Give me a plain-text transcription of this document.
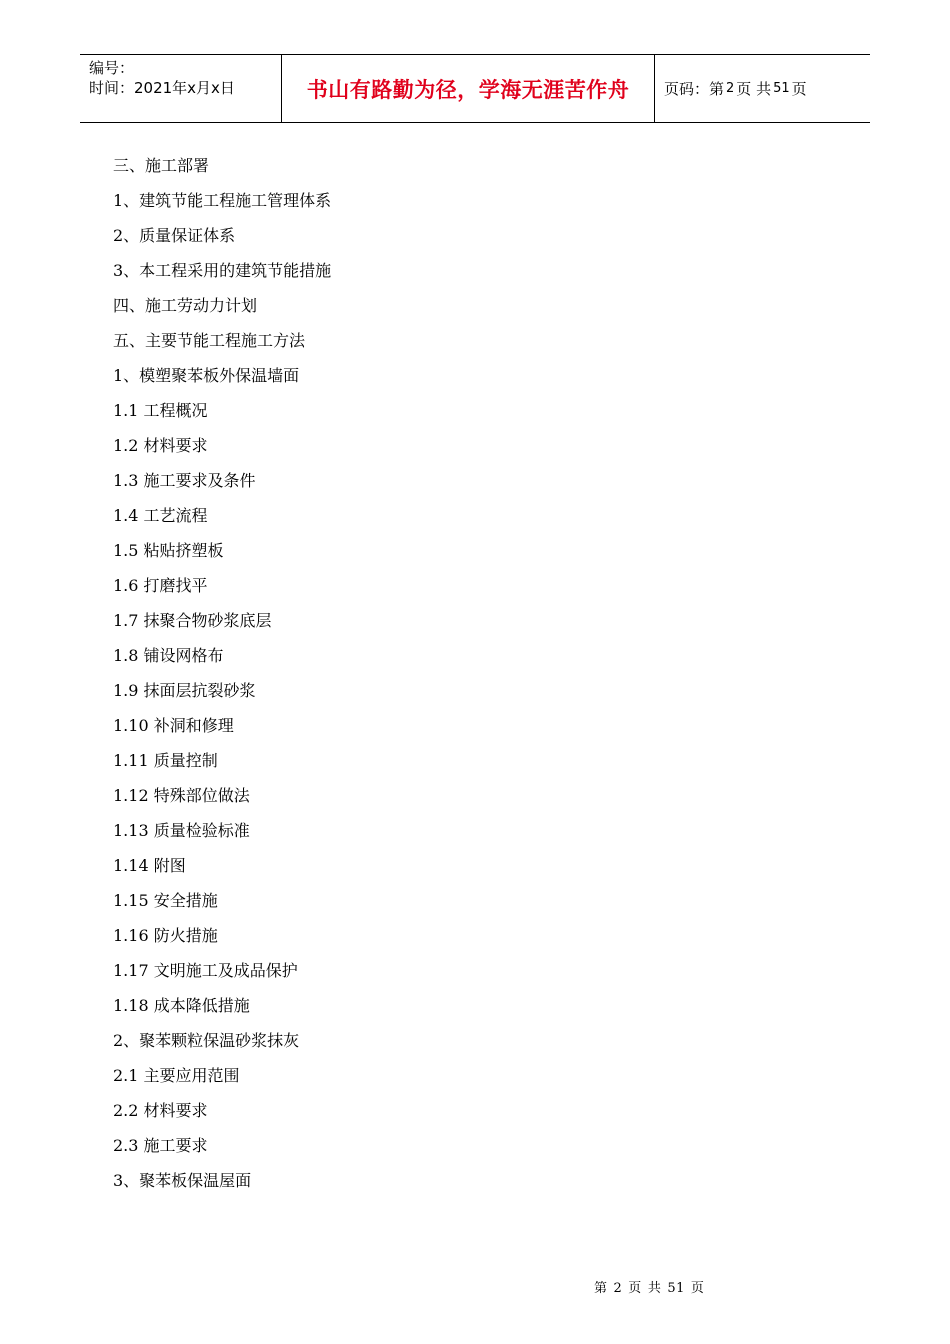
编号：
时间：2021年x月x日	书山有路勤为径，学海无涯苦作舟	页码：第 2 页 共 51 页
三、施工部署
1、建筑节能工程施工管理体系
2、质量保证体系
3、本工程采用的建筑节能措施
四、施工劳动力计划
五、主要节能工程施工方法
1、模塑聚苯板外保温墙面
1.1 工程概况
1.2 材料要求
1.3 施工要求及条件
1.4 工艺流程
1.5 粘贴挤塑板
1.6 打磨找平
1.7 抹聚合物砂浆底层
1.8 铺设网格布
1.9 抹面层抗裂砂浆
1.10 补洞和修理
1.11 质量控制
1.12 特殊部位做法
1.13 质量检验标准
1.14 附图
1.15 安全措施
1.16 防火措施
1.17 文明施工及成品保护
1.18 成本降低措施
2、聚苯颗粒保温砂浆抹灰
2.1 主要应用范围
2.2 材料要求
2.3 施工要求
3、聚苯板保温屋面
第 2 页 共 51 页
